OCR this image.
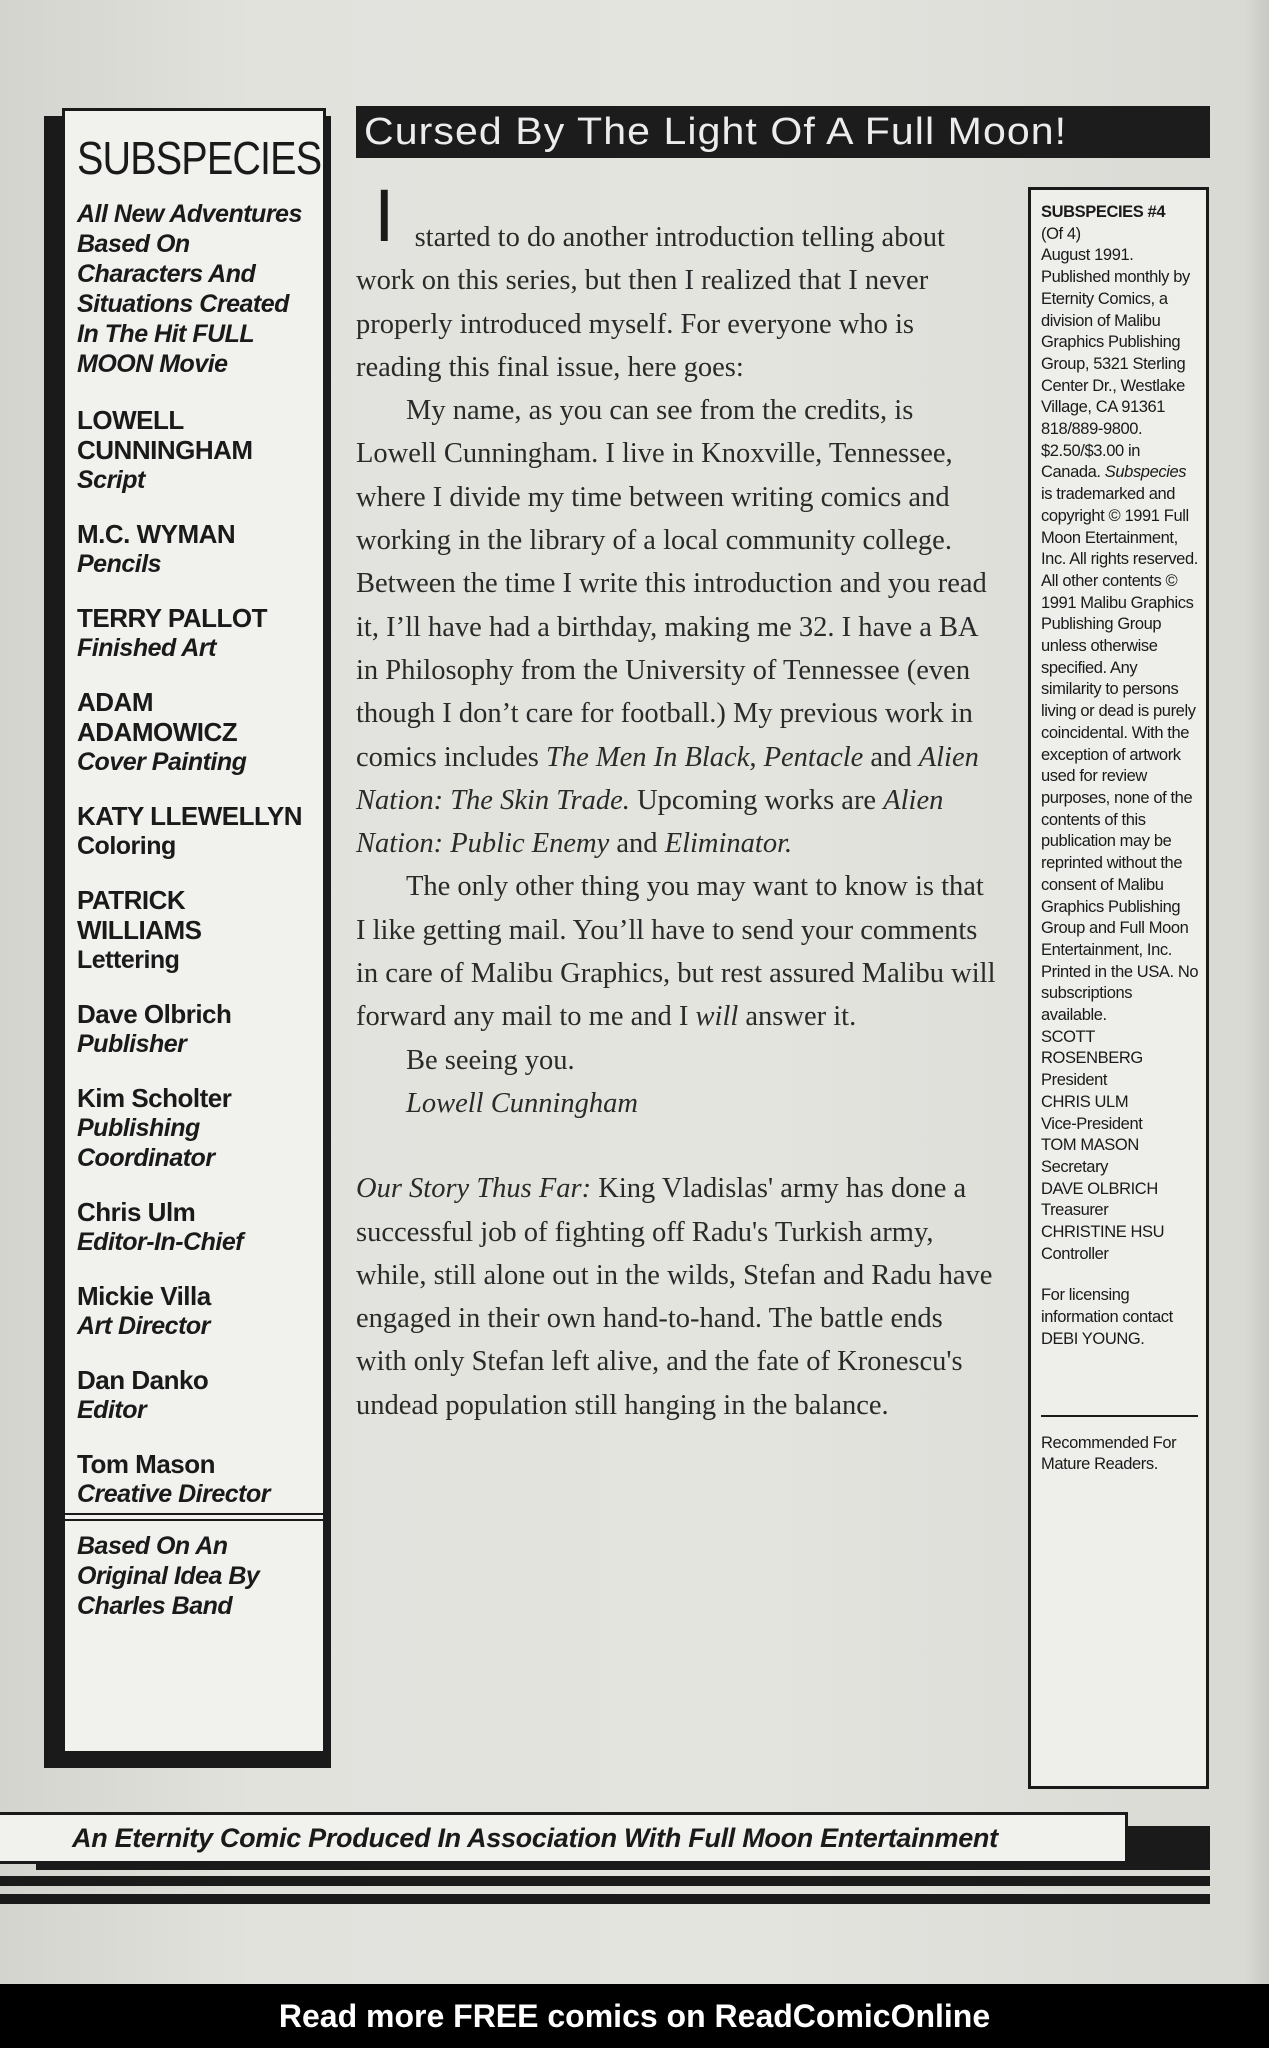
SUBSPECIES
All New Adventures Based On Characters And Situations Created In The Hit FULL MOON Movie
LOWELL CUNNINGHAM
Script
M.C. WYMAN
Pencils
TERRY PALLOT
Finished Art
ADAM ADAMOWICZ
Cover Painting
KATY LLEWELLYN
Coloring
PATRICK WILLIAMS
Lettering
Dave Olbrich
Publisher
Kim Scholter
Publishing Coordinator
Chris Ulm
Editor-In-Chief
Mickie Villa
Art Director
Dan Danko
Editor
Tom Mason
Creative Director
Based On An Original Idea By Charles Band
Cursed By The Light Of A Full Moon!

I started to do another introduction telling about work on this series, but then I realized that I never properly introduced myself. For everyone who is reading this final issue, here goes:

My name, as you can see from the credits, is Lowell Cunningham. I live in Knoxville, Tennessee, where I divide my time between writing comics and working in the library of a local community college. Between the time I write this introduction and you read it, I’ll have had a birthday, making me 32. I have a BA in Philosophy from the University of Tennessee (even though I don’t care for football.) My previous work in comics includes The Men In Black, Pentacle and Alien Nation: The Skin Trade. Upcoming works are Alien Nation: Public Enemy and Eliminator.

The only other thing you may want to know is that I like getting mail. You’ll have to send your comments in care of Malibu Graphics, but rest assured Malibu will forward any mail to me and I will answer it.

Be seeing you.

Lowell Cunningham

Our Story Thus Far: King Vladislas' army has done a successful job of fighting off Radu's Turkish army, while, still alone out in the wilds, Stefan and Radu have engaged in their own hand-to-hand. The battle ends with only Stefan left alive, and the fate of Kronescu's undead population still hanging in the balance.

SUBSPECIES #4
(Of 4)
August 1991. Published monthly by Eternity Comics, a division of Malibu Graphics Publishing Group, 5321 Sterling Center Dr., Westlake Village, CA 91361 818/889-9800. $2.50/$3.00 in Canada. Subspecies is trademarked and copyright © 1991 Full Moon Etertainment, Inc. All rights reserved. All other contents © 1991 Malibu Graphics Publishing Group unless otherwise specified. Any similarity to persons living or dead is purely coincidental. With the exception of artwork used for review purposes, none of the contents of this publication may be reprinted without the consent of Malibu Graphics Publishing Group and Full Moon Entertainment, Inc. Printed in the USA. No subscriptions available.
SCOTT ROSENBERG
President
CHRIS ULM
Vice-President
TOM MASON
Secretary
DAVE OLBRICH
Treasurer
CHRISTINE HSU
Controller
For licensing information contact DEBI YOUNG.
Recommended For Mature Readers.
An Eternity Comic Produced In Association With Full Moon Entertainment
Read more FREE comics on ReadComicOnline
